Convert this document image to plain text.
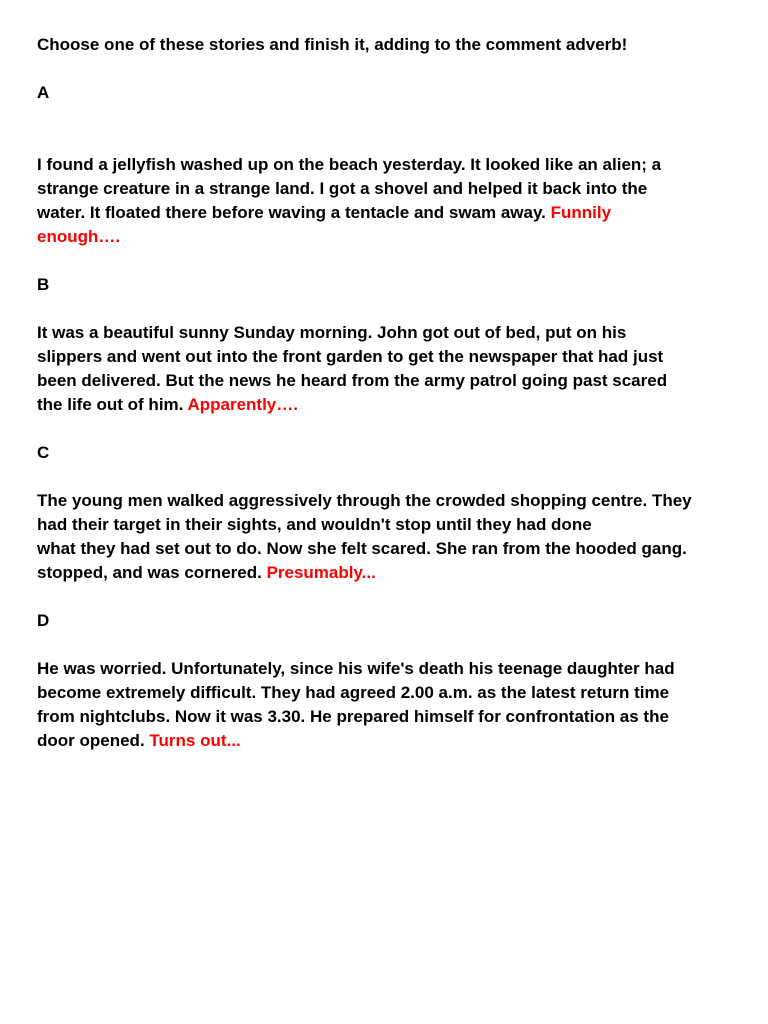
Choose one of these stories and finish it, adding to the comment adverb!

A

I found a jellyfish washed up on the beach yesterday. It looked like an alien; a
strange creature in a strange land. I got a shovel and helped it back into the
water. It floated there before waving a tentacle and swam away. Funnily
enough….

B

It was a beautiful sunny Sunday morning. John got out of bed, put on his
slippers and went out into the front garden to get the newspaper that had just
been delivered. But the news he heard from the army patrol going past scared
the life out of him. Apparently….

C

The young men walked aggressively through the crowded shopping centre. They
had their target in their sights, and wouldn't stop until they had done
what they had set out to do. Now she felt scared. She ran from the hooded gang.
stopped, and was cornered. Presumably...

D

He was worried. Unfortunately, since his wife's death his teenage daughter had
become extremely difficult. They had agreed 2.00 a.m. as the latest return time
from nightclubs. Now it was 3.30. He prepared himself for confrontation as the
door opened. Turns out...
